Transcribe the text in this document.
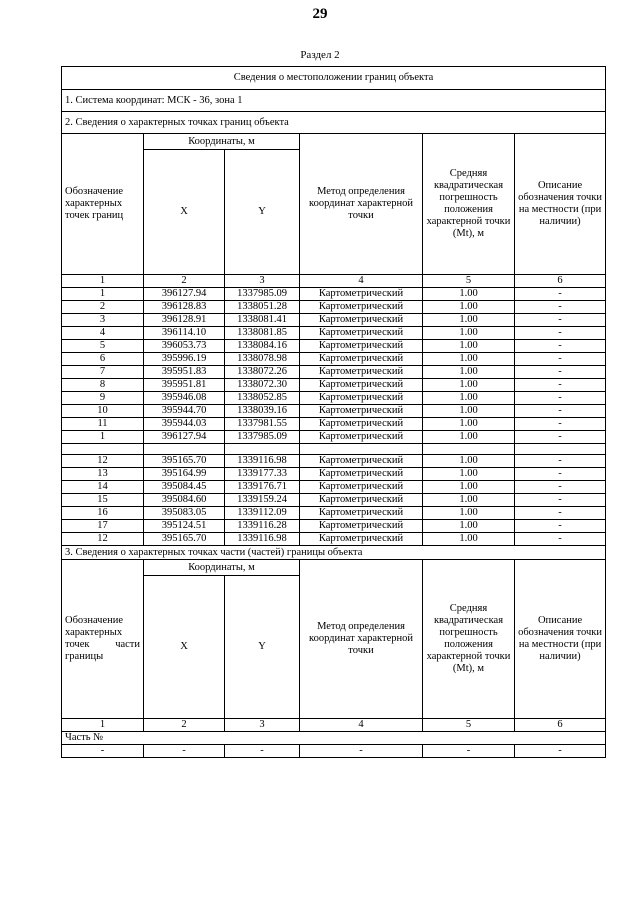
29
Раздел 2
Сведения о местоположении границ объекта					
1. Система координат: МСК - 36, зона 1					
2. Сведения о характерных точках границ объекта					
Обозначение характерных точек границ	Координаты, м		Метод определения координат характерной точки	Средняя квадратическая погрешность положения характерной точки (Mt), м	Описание обозначения точки на местности (при наличии)
	X	Y			
1	2	3	4	5	6
1	396127.94	1337985.09	Картометрический	1.00	-
2	396128.83	1338051.28	Картометрический	1.00	-
3	396128.91	1338081.41	Картометрический	1.00	-
4	396114.10	1338081.85	Картометрический	1.00	-
5	396053.73	1338084.16	Картометрический	1.00	-
6	395996.19	1338078.98	Картометрический	1.00	-
7	395951.83	1338072.26	Картометрический	1.00	-
8	395951.81	1338072.30	Картометрический	1.00	-
9	395946.08	1338052.85	Картометрический	1.00	-
10	395944.70	1338039.16	Картометрический	1.00	-
11	395944.03	1337981.55	Картометрический	1.00	-
1	396127.94	1337985.09	Картометрический	1.00	-

12	395165.70	1339116.98	Картометрический	1.00	-
13	395164.99	1339177.33	Картометрический	1.00	-
14	395084.45	1339176.71	Картометрический	1.00	-
15	395084.60	1339159.24	Картометрический	1.00	-
16	395083.05	1339112.09	Картометрический	1.00	-
17	395124.51	1339116.28	Картометрический	1.00	-
12	395165.70	1339116.98	Картометрический	1.00	-
3. Сведения о характерных точках части (частей) границы объекта					
Обозначение характерных точек части границы	Координаты, м		Метод определения координат характерной точки	Средняя квадратическая погрешность положения характерной точки (Mt), м	Описание обозначения точки на местности (при наличии)
	X	Y			
1	2	3	4	5	6
Часть №					
-	-	-	-	-	-
